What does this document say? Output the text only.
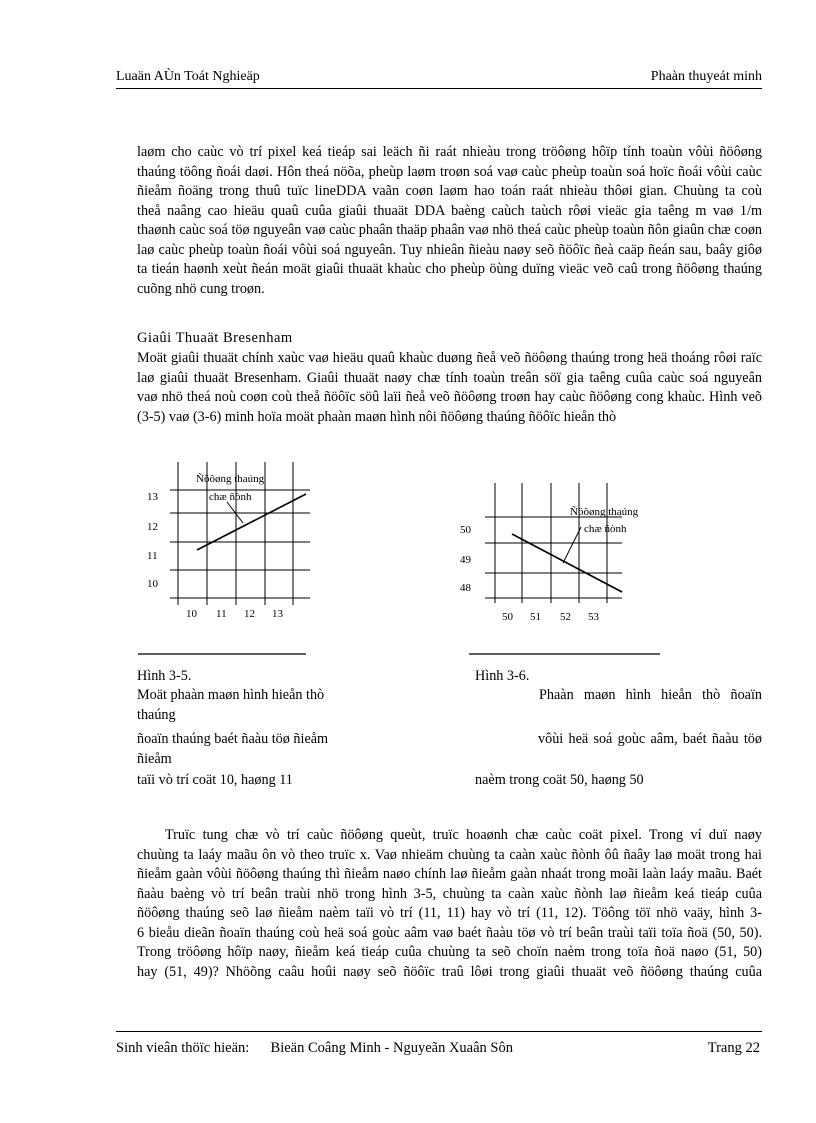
Luaän AÙn Toát Nghieäp	Phaàn thuyeát minh
laøm cho caùc vò trí pixel keá tieáp sai leäch ñi raát nhieàu trong tröôøng hôïp tính toaùn vôùi ñöôøng
thaúng töông ñoái daøi. Hôn theá nöõa, pheùp laøm troøn soá vaø caùc pheùp toaùn soá hoïc ñoái vôùi caùc
ñieåm ñoäng trong thuû tuïc lineDDA vaãn coøn laøm hao toán raát nhieàu thôøi gian. Chuùng ta coù
theå naâng cao hieäu quaû cuûa giaûi thuaät DDA baèng caùch taùch rôøi vieäc gia taêng m vaø 1/m
thaønh caùc soá töø nguyeân vaø caùc phaân thaäp phaân vaø nhö theá caùc pheùp toaùn ñôn giaûn chæ coøn
laø caùc pheùp toaùn ñoái vôùi soá nguyeân. Tuy nhieân ñieàu naøy seõ ñöôïc ñeà caäp ñeán sau, baây giôø
ta tieán haønh xeùt ñeán moät giaûi thuaät khaùc cho pheùp öùng duïng vieäc veõ caû trong ñöôøng thaúng
cuõng nhö cung troøn.
Giaûi Thuaät Bresenham
Moät giaûi thuaät chính xaùc vaø hieäu quaû khaùc duøng ñeå veõ ñöôøng thaúng trong heä thoáng rôøi raïc
laø giaûi thuaät Bresenham. Giaûi thuaät naøy chæ tính toaùn treân söï gia taêng cuûa caùc soá nguyeân
vaø nhö theá noù coøn coù theå ñöôïc söû laïi ñeå veõ ñöôøng troøn hay caùc ñöôøng cong khaùc. Hình veõ
(3-5) vaø (3-6) minh hoïa moät phaàn maøn hình nôi ñöôøng thaúng ñöôïc hieån thò
Ñöôøng thaúng
chæ ñònh
13
12
11
10
10 11 12 13
Ñöôøng thaúng
chæ ñònh
50
49
48
50 51 52 53
Hình 3-5.
Moät phaàn maøn hình hieån thò
thaúng
ñoaïn thaúng baét ñaàu töø ñieåm
ñieåm
taïi vò trí coät 10, haøng 11
Hình 3-6.
Phaàn maøn hình hieån thò ñoaïn
vôùi heä soá goùc aâm, baét ñaàu töø
naèm trong coät 50, haøng 50
Truïc tung chæ vò trí caùc ñöôøng queùt, truïc hoaønh chæ caùc coät pixel. Trong ví duï naøy
chuùng ta laáy maãu ôn vò theo truïc x. Vaø nhieäm chuùng ta caàn xaùc ñònh ôû ñaây laø moät trong hai
ñieåm gaàn vôùi ñöôøng thaúng thì ñieåm naøo chính laø ñieåm gaàn nhaát trong moãi laàn laáy maãu. Baét
ñaàu baèng vò trí beân traùi nhö trong hình 3-5, chuùng ta caàn xaùc ñònh laø ñieåm keá tieáp cuûa
ñöôøng thaúng seõ laø ñieåm naèm taïi vò trí (11, 11) hay vò trí (11, 12). Töông töï nhö vaäy, hình 3-
6 bieåu dieãn ñoaïn thaúng coù heä soá goùc aâm vaø baét ñaàu töø vò trí beân traùi taïi toïa ñoä (50, 50).
Trong tröôøng hôïp naøy, ñieåm keá tieáp cuûa chuùng ta seõ choïn naèm trong toïa ñoä naøo (51, 50)
hay (51, 49)? Nhöõng caâu hoûi naøy seõ ñöôïc traû lôøi trong giaûi thuaät veõ ñöôøng thaúng cuûa
Sinh vieân thöïc hieän: Bieän Coâng Minh - Nguyeãn Xuaân Sôn	Trang 22
